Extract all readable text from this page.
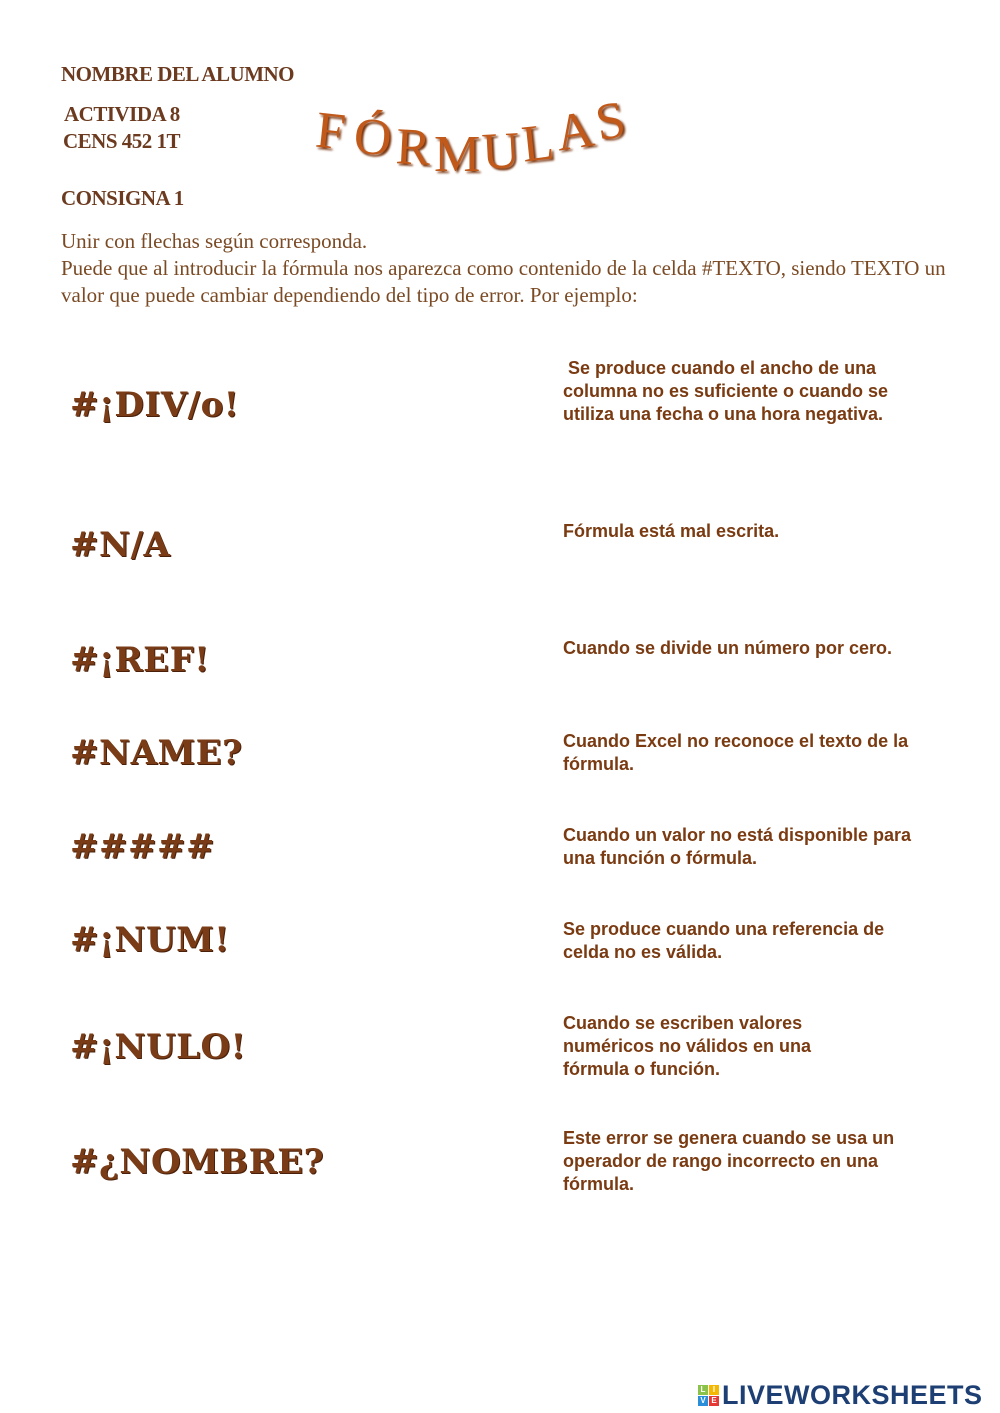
NOMBRE DEL ALUMNO
ACTIVIDA 8
CENS 452 1T
CONSIGNA 1
F Ó R M U
L
A
S
Unir con flechas según corresponda.
Puede que al introducir la fórmula nos aparezca como contenido de la celda #TEXTO, siendo TEXTO un valor que puede cambiar dependiendo del tipo de error. Por ejemplo:
#¡DIV/o!
#N/A
#¡REF!
#NAME?
#####
#¡NUM!
#¡NULO!
#¿NOMBRE?
Se produce cuando el ancho de una columna no es suficiente o cuando se utiliza una fecha o una hora negativa.
Fórmula está mal escrita.
Cuando se divide un número por cero.
Cuando Excel no reconoce el texto de la fórmula.
Cuando un valor no está disponible para una función o fórmula.
Se produce cuando una referencia de celda no es válida.
Cuando se escriben valores numéricos no válidos en una fórmula o función.
Este error se genera cuando se usa un operador de rango incorrecto en una fórmula.
L I
V E LIVEWORKSHEETS
